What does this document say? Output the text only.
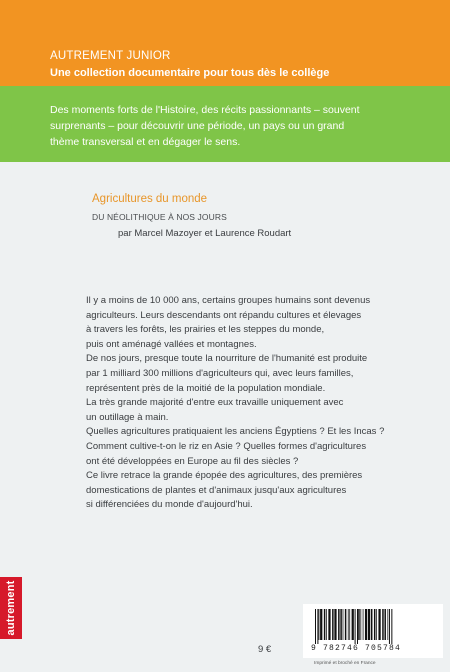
AUTREMENT JUNIOR
Une collection documentaire pour tous dès le collège

Des moments forts de l'Histoire, des récits passionnants – souvent
surprenants – pour découvrir une période, un pays ou un grand
thème transversal et en dégager le sens.

Agricultures du monde
DU NÉOLITHIQUE À NOS JOURS
par Marcel Mazoyer et Laurence Roudart
Il y a moins de 10 000 ans, certains groupes humains sont devenus
agriculteurs. Leurs descendants ont répandu cultures et élevages
à travers les forêts, les prairies et les steppes du monde,
puis ont aménagé vallées et montagnes.
De nos jours, presque toute la nourriture de l'humanité est produite
par 1 milliard 300 millions d'agriculteurs qui, avec leurs familles,
représentent près de la moitié de la population mondiale.
La très grande majorité d'entre eux travaille uniquement avec
un outillage à main.
Quelles agricultures pratiquaient les anciens Égyptiens ? Et les Incas ?
Comment cultive-t-on le riz en Asie ? Quelles formes d'agricultures
ont été développées en Europe au fil des siècles ?
Ce livre retrace la grande épopée des agricultures, des premières
domestications de plantes et d'animaux jusqu'aux agricultures
si différenciées du monde d'aujourd'hui.
autrement
9 €	9 782746 705784
Imprimé et broché en France
